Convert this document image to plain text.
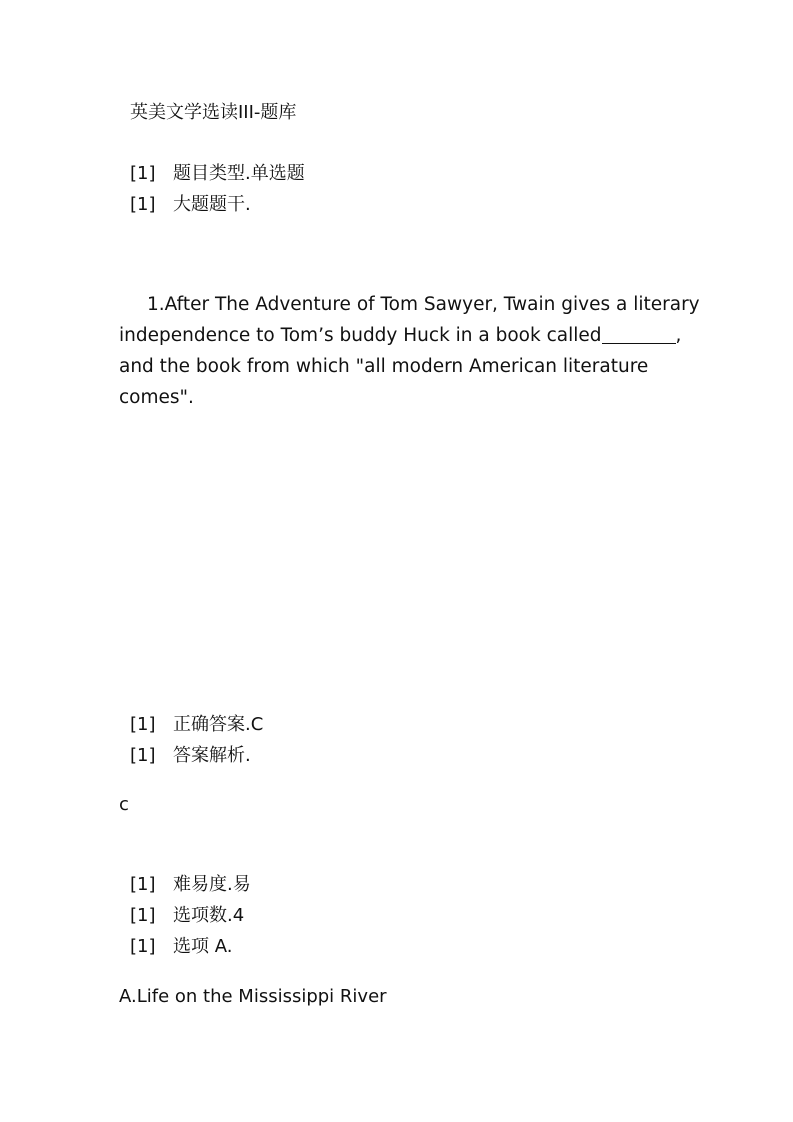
英美文学选读III-题库
[1] 题目类型.单选题
[1] 大题题干.
1.After The Adventure of Tom Sawyer, Twain gives a literary
independence to Tom’s buddy Huck in a book called	,
and the book from which "all modern American literature
comes".
[1] 正确答案.C
[1] 答案解析.
c
[1] 难易度.易
[1] 选项数.4
[1] 选项 A.
A.Life on the Mississippi River
